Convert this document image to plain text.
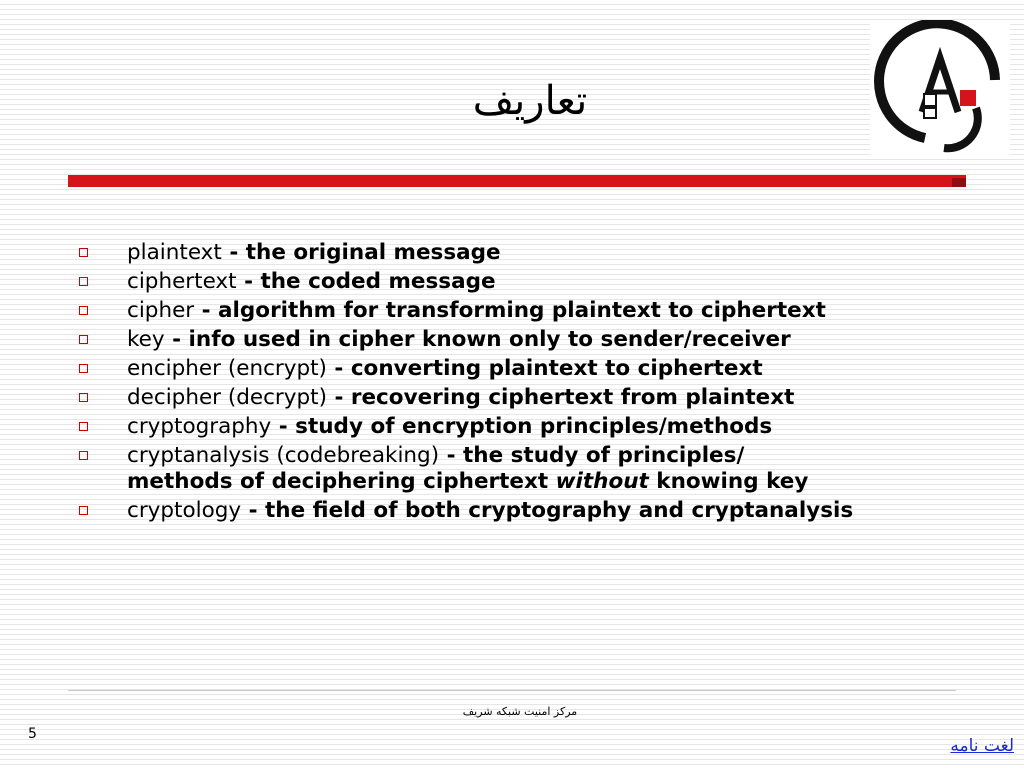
تعاریف
plaintext - the original message
ciphertext - the coded message
cipher - algorithm for transforming plaintext to ciphertext
key - info used in cipher known only to sender/receiver
encipher (encrypt) - converting plaintext to ciphertext
decipher (decrypt) - recovering ciphertext from plaintext
cryptography - study of encryption principles/methods
cryptanalysis (codebreaking) - the study of principles/
methods of deciphering ciphertext without knowing key
cryptology - the field of both cryptography and cryptanalysis
مرکز امنیت شبکه شریف
5
لغت نامه
